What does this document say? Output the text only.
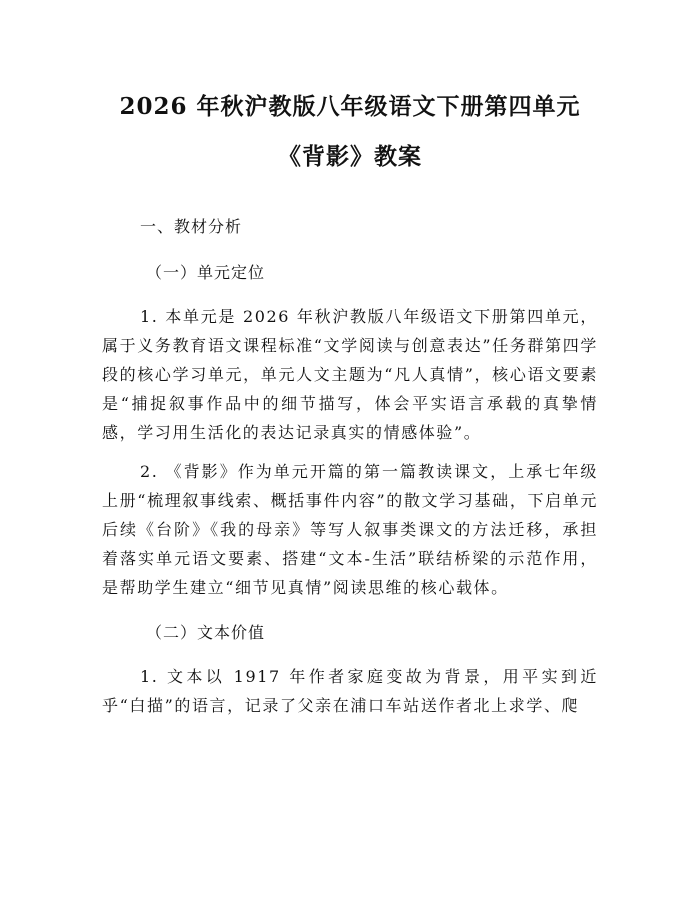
2026 年秋沪教版八年级语文下册第四单元
《背影》教案

一、教材分析

（一）单元定位

1. 本单元是 2026 年秋沪教版八年级语文下册第四单元，属于义务教育语文课程标准“文学阅读与创意表达”任务群第四学段的核心学习单元，单元人文主题为“凡人真情”，核心语文要素是“捕捉叙事作品中的细节描写，体会平实语言承载的真挚情感，学习用生活化的表达记录真实的情感体验”。

2. 《背影》作为单元开篇的第一篇教读课文，上承七年级上册“梳理叙事线索、概括事件内容”的散文学习基础，下启单元后续《台阶》《我的母亲》等写人叙事类课文的方法迁移，承担着落实单元语文要素、搭建“文本-生活”联结桥梁的示范作用，是帮助学生建立“细节见真情”阅读思维的核心载体。

（二）文本价值

1. 文本以 1917 年作者家庭变故为背景，用平实到近乎“白描”的语言，记录了父亲在浦口车站送作者北上求学、爬
